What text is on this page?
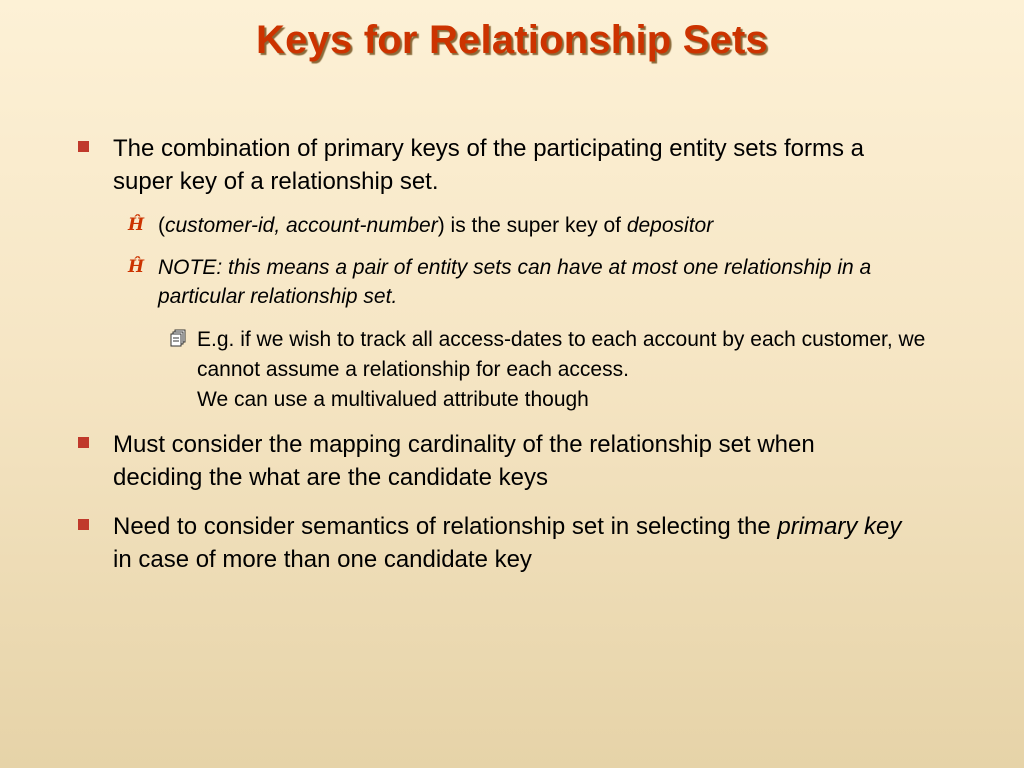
Keys for Relationship Sets
The combination of primary keys of the participating entity sets forms a super key of a relationship set.
Ĥ (customer-id, account-number) is the super key of depositor
Ĥ NOTE: this means a pair of entity sets can have at most one relationship in a particular relationship set.
E.g. if we wish to track all access-dates to each account by each customer, we cannot assume a relationship for each access.
We can use a multivalued attribute though
Must consider the mapping cardinality of the relationship set when deciding the what are the candidate keys
Need to consider semantics of relationship set in selecting the primary key in case of more than one candidate key
